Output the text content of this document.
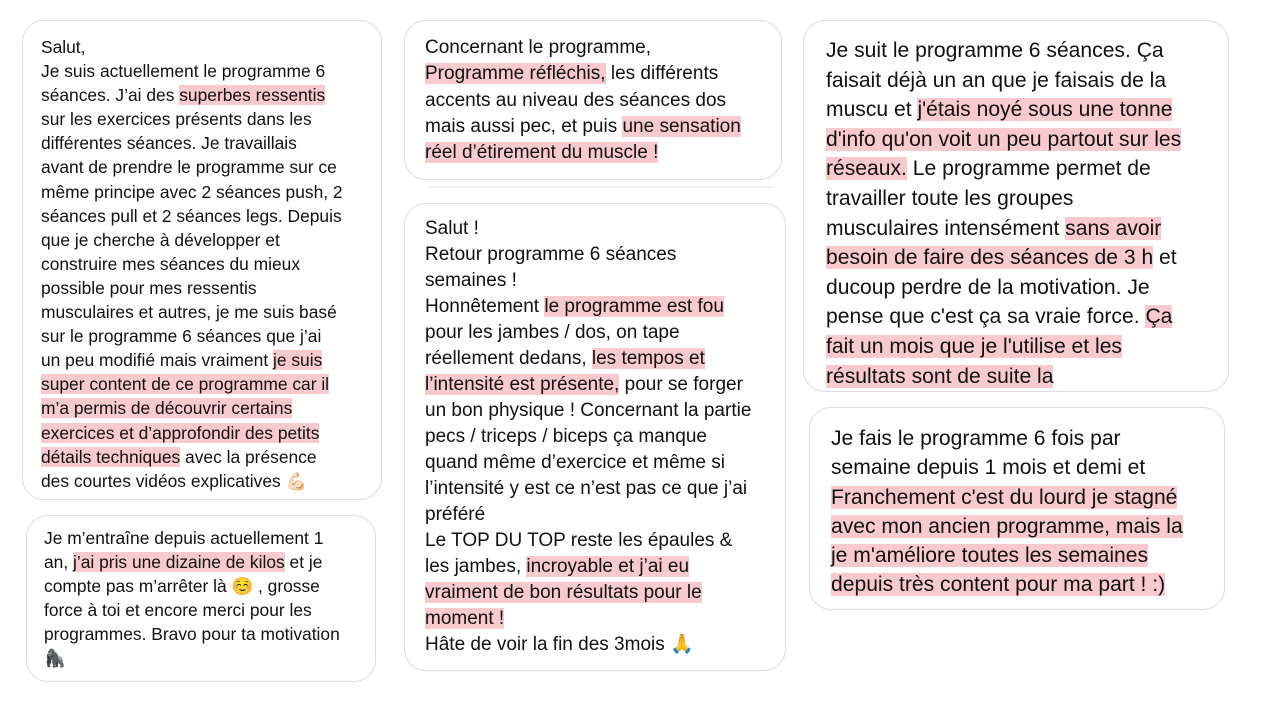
Salut,
Je suis actuellement le programme 6
séances. J’ai des superbes ressentis
sur les exercices présents dans les
différentes séances. Je travaillais
avant de prendre le programme sur ce
même principe avec 2 séances push, 2
séances pull et 2 séances legs. Depuis
que je cherche à développer et
construire mes séances du mieux
possible pour mes ressentis
musculaires et autres, je me suis basé
sur le programme 6 séances que j’ai
un peu modifié mais vraiment je suis
super content de ce programme car il
m’a permis de découvrir certains
exercices et d’approfondir des petits
détails techniques avec la présence
des courtes vidéos explicatives 💪🏻

Je m’entraîne depuis actuellement 1
an, j’ai pris une dizaine de kilos et je
compte pas m’arrêter là ☺️ , grosse
force à toi et encore merci pour les
programmes. Bravo pour ta motivation
🦍

Concernant le programme,
Programme réfléchis, les différents
accents au niveau des séances dos
mais aussi pec, et puis une sensation
réel d’étirement du muscle !

Salut !
Retour programme 6 séances
semaines !
Honnêtement le programme est fou
pour les jambes / dos, on tape
réellement dedans, les tempos et
l’intensité est présente, pour se forger
un bon physique ! Concernant la partie
pecs / triceps / biceps ça manque
quand même d’exercice et même si
l’intensité y est ce n’est pas ce que j’ai
préféré
Le TOP DU TOP reste les épaules &
les jambes, incroyable et j’ai eu
vraiment de bon résultats pour le
moment !
Hâte de voir la fin des 3mois 🙏

Je suit le programme 6 séances. Ça
faisait déjà un an que je faisais de la
muscu et j'étais noyé sous une tonne
d'info qu'on voit un peu partout sur les
réseaux. Le programme permet de
travailler toute les groupes
musculaires intensément sans avoir
besoin de faire des séances de 3 h et
ducoup perdre de la motivation. Je
pense que c'est ça sa vraie force. Ça
fait un mois que je l'utilise et les
résultats sont de suite la

Je fais le programme 6 fois par
semaine depuis 1 mois et demi et
Franchement c'est du lourd je stagné
avec mon ancien programme, mais la
je m'améliore toutes les semaines
depuis très content pour ma part ! :)
